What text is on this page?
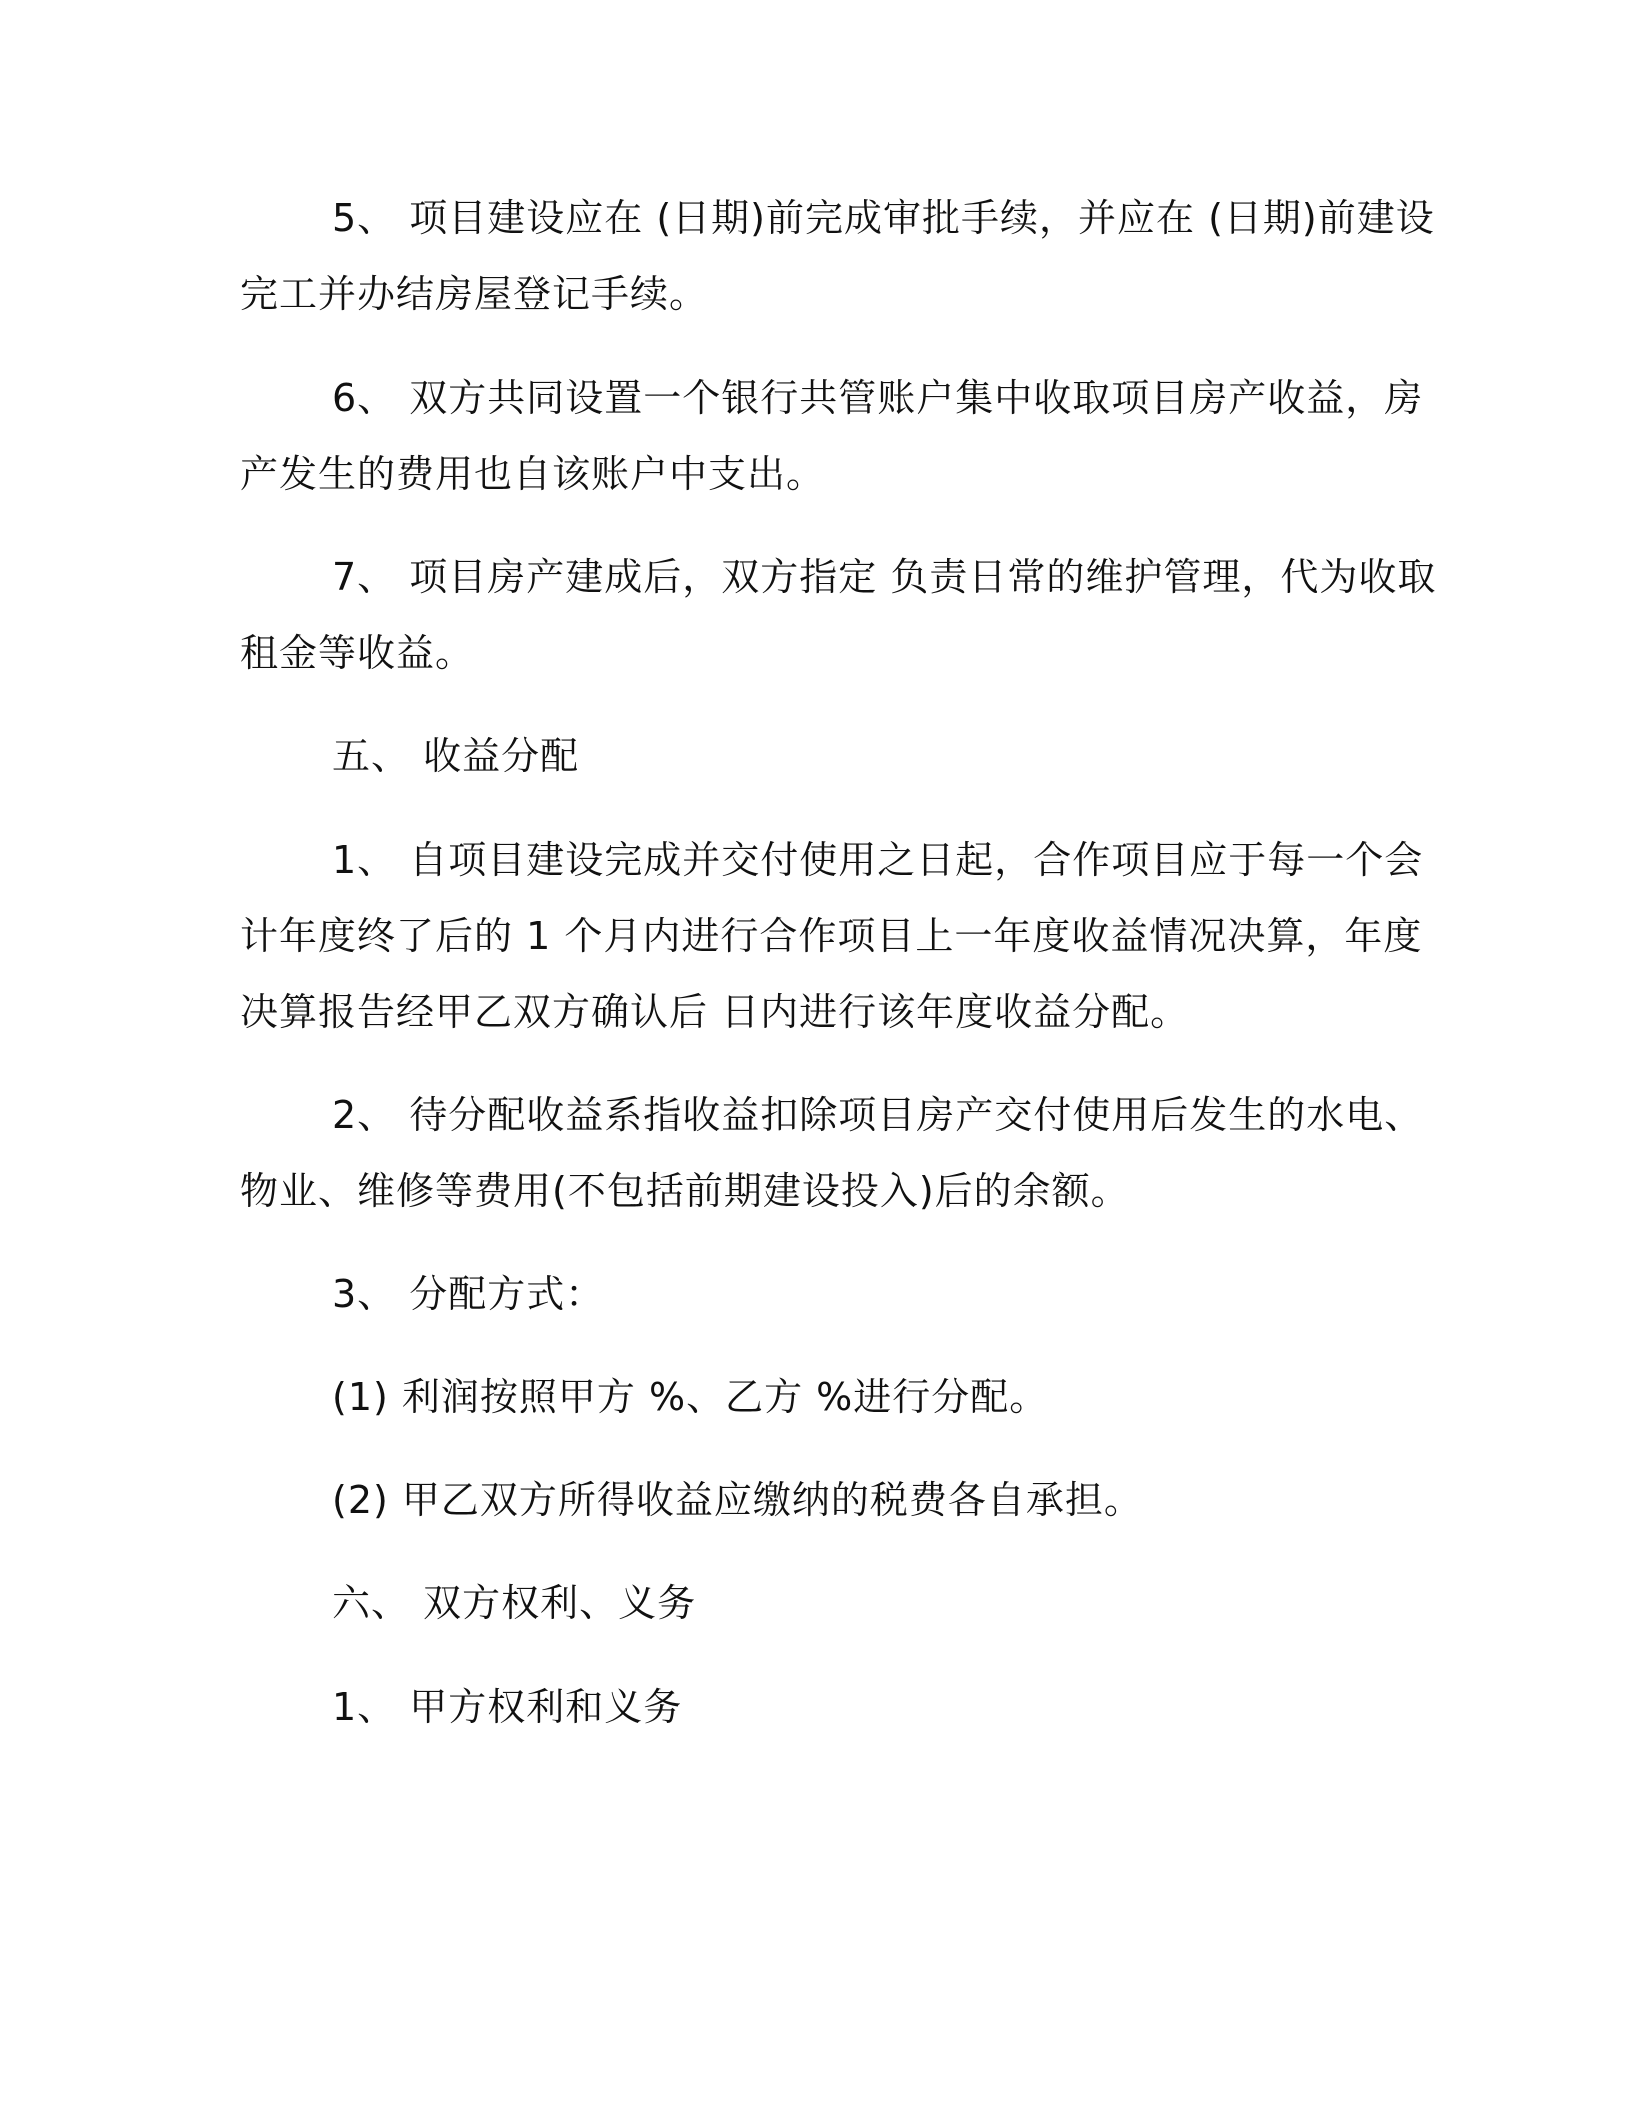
5、 项目建设应在 (日期)前完成审批手续，并应在 (日期)前建设
完工并办结房屋登记手续。
6、 双方共同设置一个银行共管账户集中收取项目房产收益，房
产发生的费用也自该账户中支出。
7、 项目房产建成后，双方指定 负责日常的维护管理，代为收取
租金等收益。
五、 收益分配
1、 自项目建设完成并交付使用之日起，合作项目应于每一个会
计年度终了后的 1 个月内进行合作项目上一年度收益情况决算，年度
决算报告经甲乙双方确认后 日内进行该年度收益分配。
2、 待分配收益系指收益扣除项目房产交付使用后发生的水电、
物业、维修等费用(不包括前期建设投入)后的余额。
3、 分配方式：
(1) 利润按照甲方 %、乙方 %进行分配。
(2) 甲乙双方所得收益应缴纳的税费各自承担。
六、 双方权利、义务
1、 甲方权利和义务
